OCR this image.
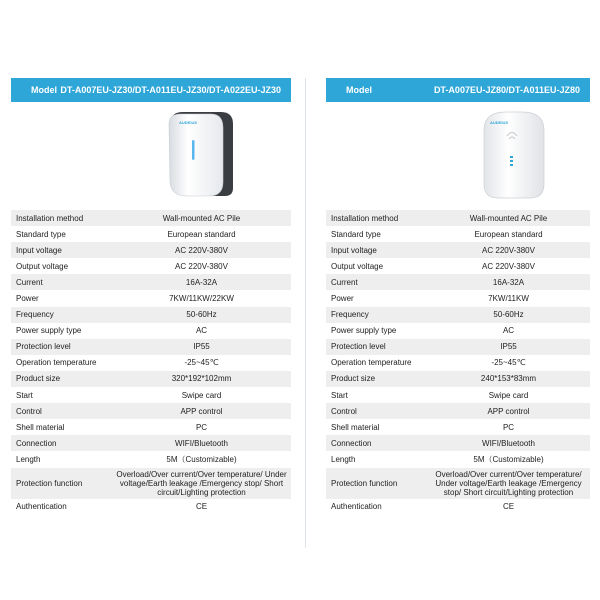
Model DT-A007EU-JZ30/DT-A011EU-JZ30/DT-A022EU-JZ30
AUDEIUS
Installation method	Wall-mounted AC Pile
Standard type	European standard
Input voltage	AC 220V-380V
Output voltage	AC 220V-380V
Current	16A-32A
Power	7KW/11KW/22KW
Frequency	50-60Hz
Power supply type	AC
Protection level	IP55
Operation temperature	-25~45℃
Product size	320*192*102mm
Start	Swipe card
Control	APP control
Shell material	PC
Connection	WIFI/Bluetooth
Length	5M（Customizable)
Protection function	Overload/Over current/Over temperature/ Under voltage/Earth leakage /Emergency stop/ Short circuit/Lighting protection
Authentication	CE
Model	DT-A007EU-JZ80/DT-A011EU-JZ80
AUDEIUS
Installation method	Wall-mounted AC Pile
Standard type	European standard
Input voltage	AC 220V-380V
Output voltage	AC 220V-380V
Current	16A-32A
Power	7KW/11KW
Frequency	50-60Hz
Power supply type	AC
Protection level	IP55
Operation temperature	-25~45℃
Product size	240*153*83mm
Start	Swipe card
Control	APP control
Shell material	PC
Connection	WIFI/Bluetooth
Length	5M（Customizable)
Protection function	Overload/Over current/Over temperature/ Under voltage/Earth leakage /Emergency stop/ Short circuit/Lighting protection
Authentication	CE
